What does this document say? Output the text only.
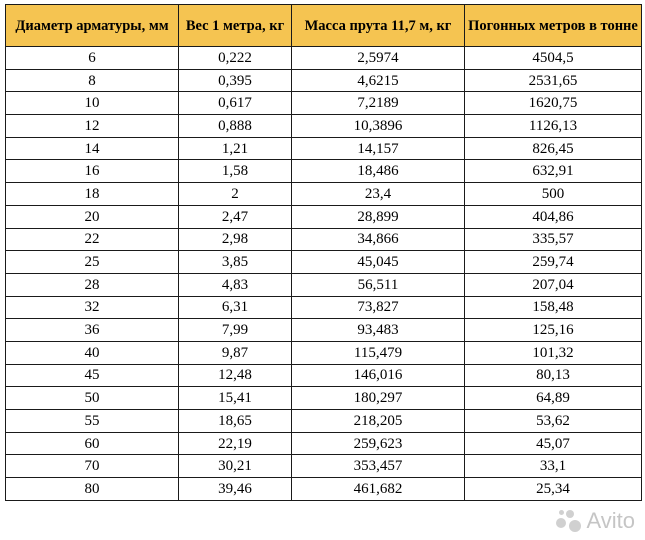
Диаметр арматуры, мм	Вес 1 метра, кг	Масса прута 11,7 м, кг	Погонных метров в тонне
6	0,222	2,5974	4504,5
8	0,395	4,6215	2531,65
10	0,617	7,2189	1620,75
12	0,888	10,3896	1126,13
14	1,21	14,157	826,45
16	1,58	18,486	632,91
18	2	23,4	500
20	2,47	28,899	404,86
22	2,98	34,866	335,57
25	3,85	45,045	259,74
28	4,83	56,511	207,04
32	6,31	73,827	158,48
36	7,99	93,483	125,16
40	9,87	115,479	101,32
45	12,48	146,016	80,13
50	15,41	180,297	64,89
55	18,65	218,205	53,62
60	22,19	259,623	45,07
70	30,21	353,457	33,1
80	39,46	461,682	25,34
Avito
